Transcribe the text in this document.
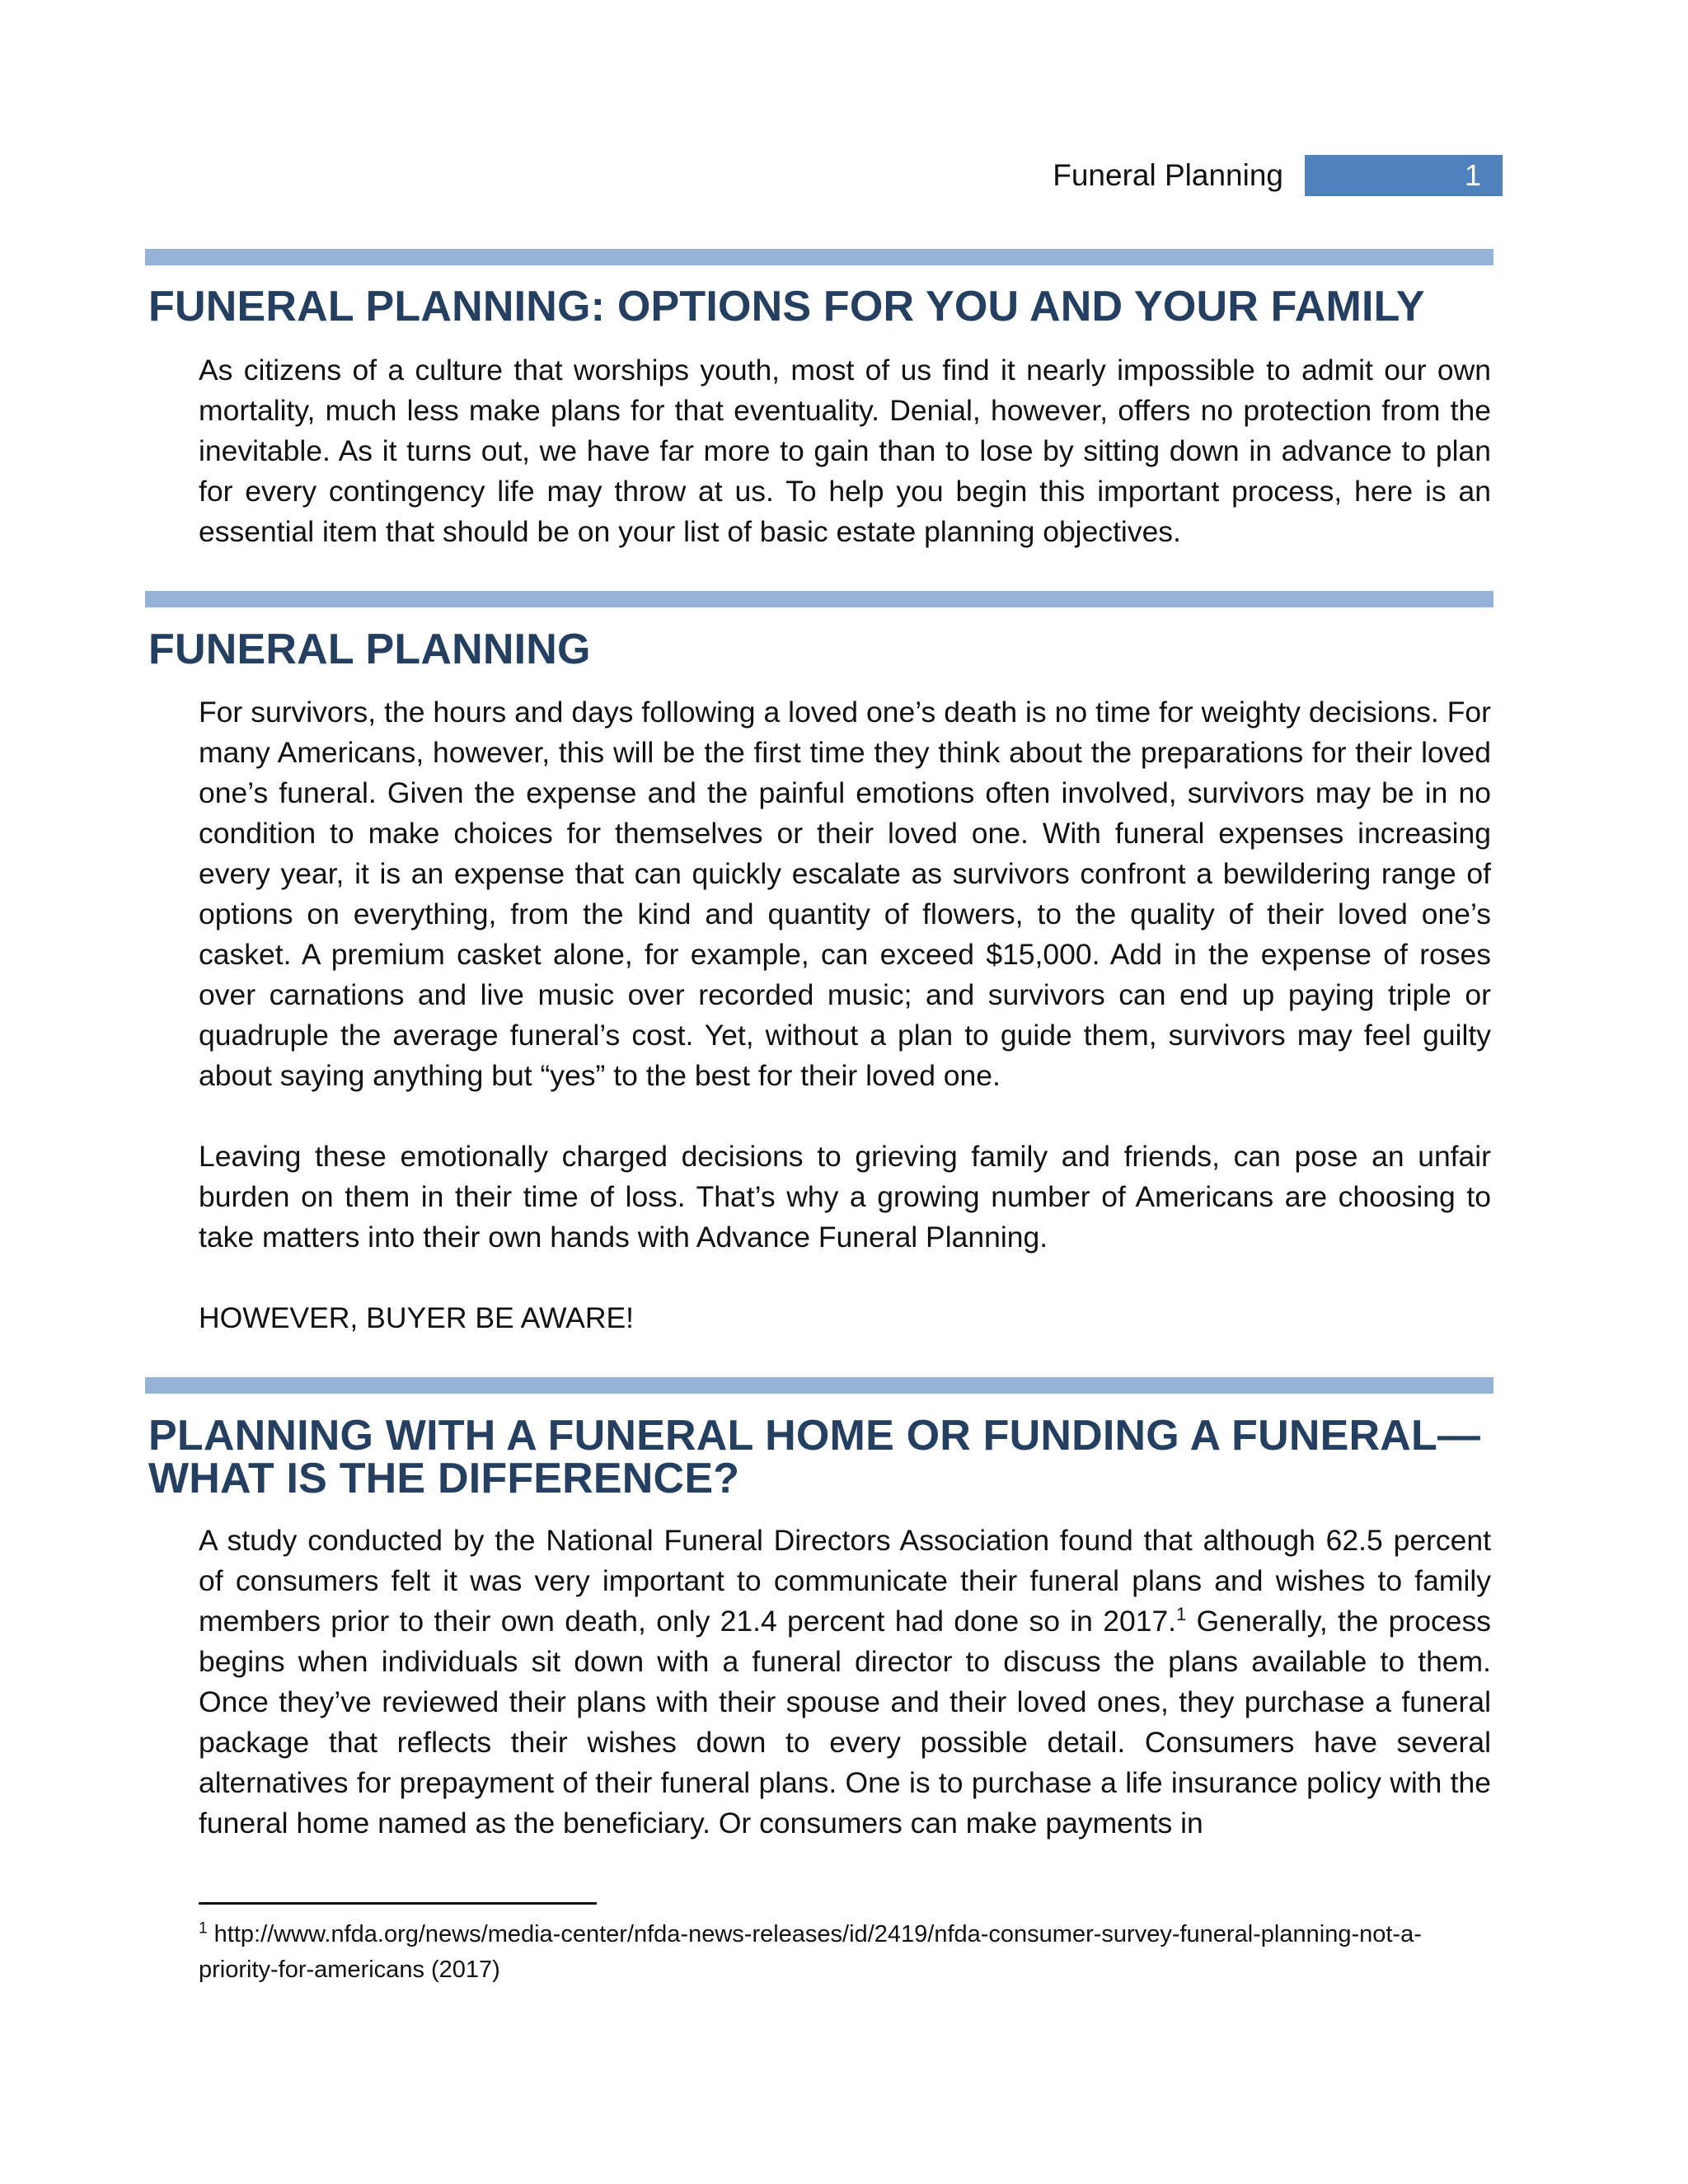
Funeral Planning	1
FUNERAL PLANNING: OPTIONS FOR YOU AND YOUR FAMILY

As citizens of a culture that worships youth, most of us find it nearly impossible to admit our own mortality, much less make plans for that eventuality. Denial, however, offers no protection from the inevitable. As it turns out, we have far more to gain than to lose by sitting down in advance to plan for every contingency life may throw at us. To help you begin this important process, here is an essential item that should be on your list of basic estate planning objectives.

FUNERAL PLANNING

For survivors, the hours and days following a loved one’s death is no time for weighty decisions. For many Americans, however, this will be the first time they think about the preparations for their loved one’s funeral. Given the expense and the painful emotions often involved, survivors may be in no condition to make choices for themselves or their loved one. With funeral expenses increasing every year, it is an expense that can quickly escalate as survivors confront a bewildering range of options on everything, from the kind and quantity of flowers, to the quality of their loved one’s casket. A premium casket alone, for example, can exceed $15,000. Add in the expense of roses over carnations and live music over recorded music; and survivors can end up paying triple or quadruple the average funeral’s cost. Yet, without a plan to guide them, survivors may feel guilty about saying anything but “yes” to the best for their loved one.

Leaving these emotionally charged decisions to grieving family and friends, can pose an unfair burden on them in their time of loss. That’s why a growing number of Americans are choosing to take matters into their own hands with Advance Funeral Planning.

HOWEVER, BUYER BE AWARE!

PLANNING WITH A FUNERAL HOME OR FUNDING A FUNERAL—
WHAT IS THE DIFFERENCE?

A study conducted by the National Funeral Directors Association found that although 62.5 percent of consumers felt it was very important to communicate their funeral plans and wishes to family members prior to their own death, only 21.4 percent had done so in 2017.$^1$ Generally, the process begins when individuals sit down with a funeral director to discuss the plans available to them. Once they’ve reviewed their plans with their spouse and their loved ones, they purchase a funeral package that reflects their wishes down to every possible detail. Consumers have several alternatives for prepayment of their funeral plans. One is to purchase a life insurance policy with the funeral home named as the beneficiary. Or consumers can make payments in

$^1$ http://www.nfda.org/news/media-center/nfda-news-releases/id/2419/nfda-consumer-survey-funeral-planning-not-a-priority-for-americans (2017)
